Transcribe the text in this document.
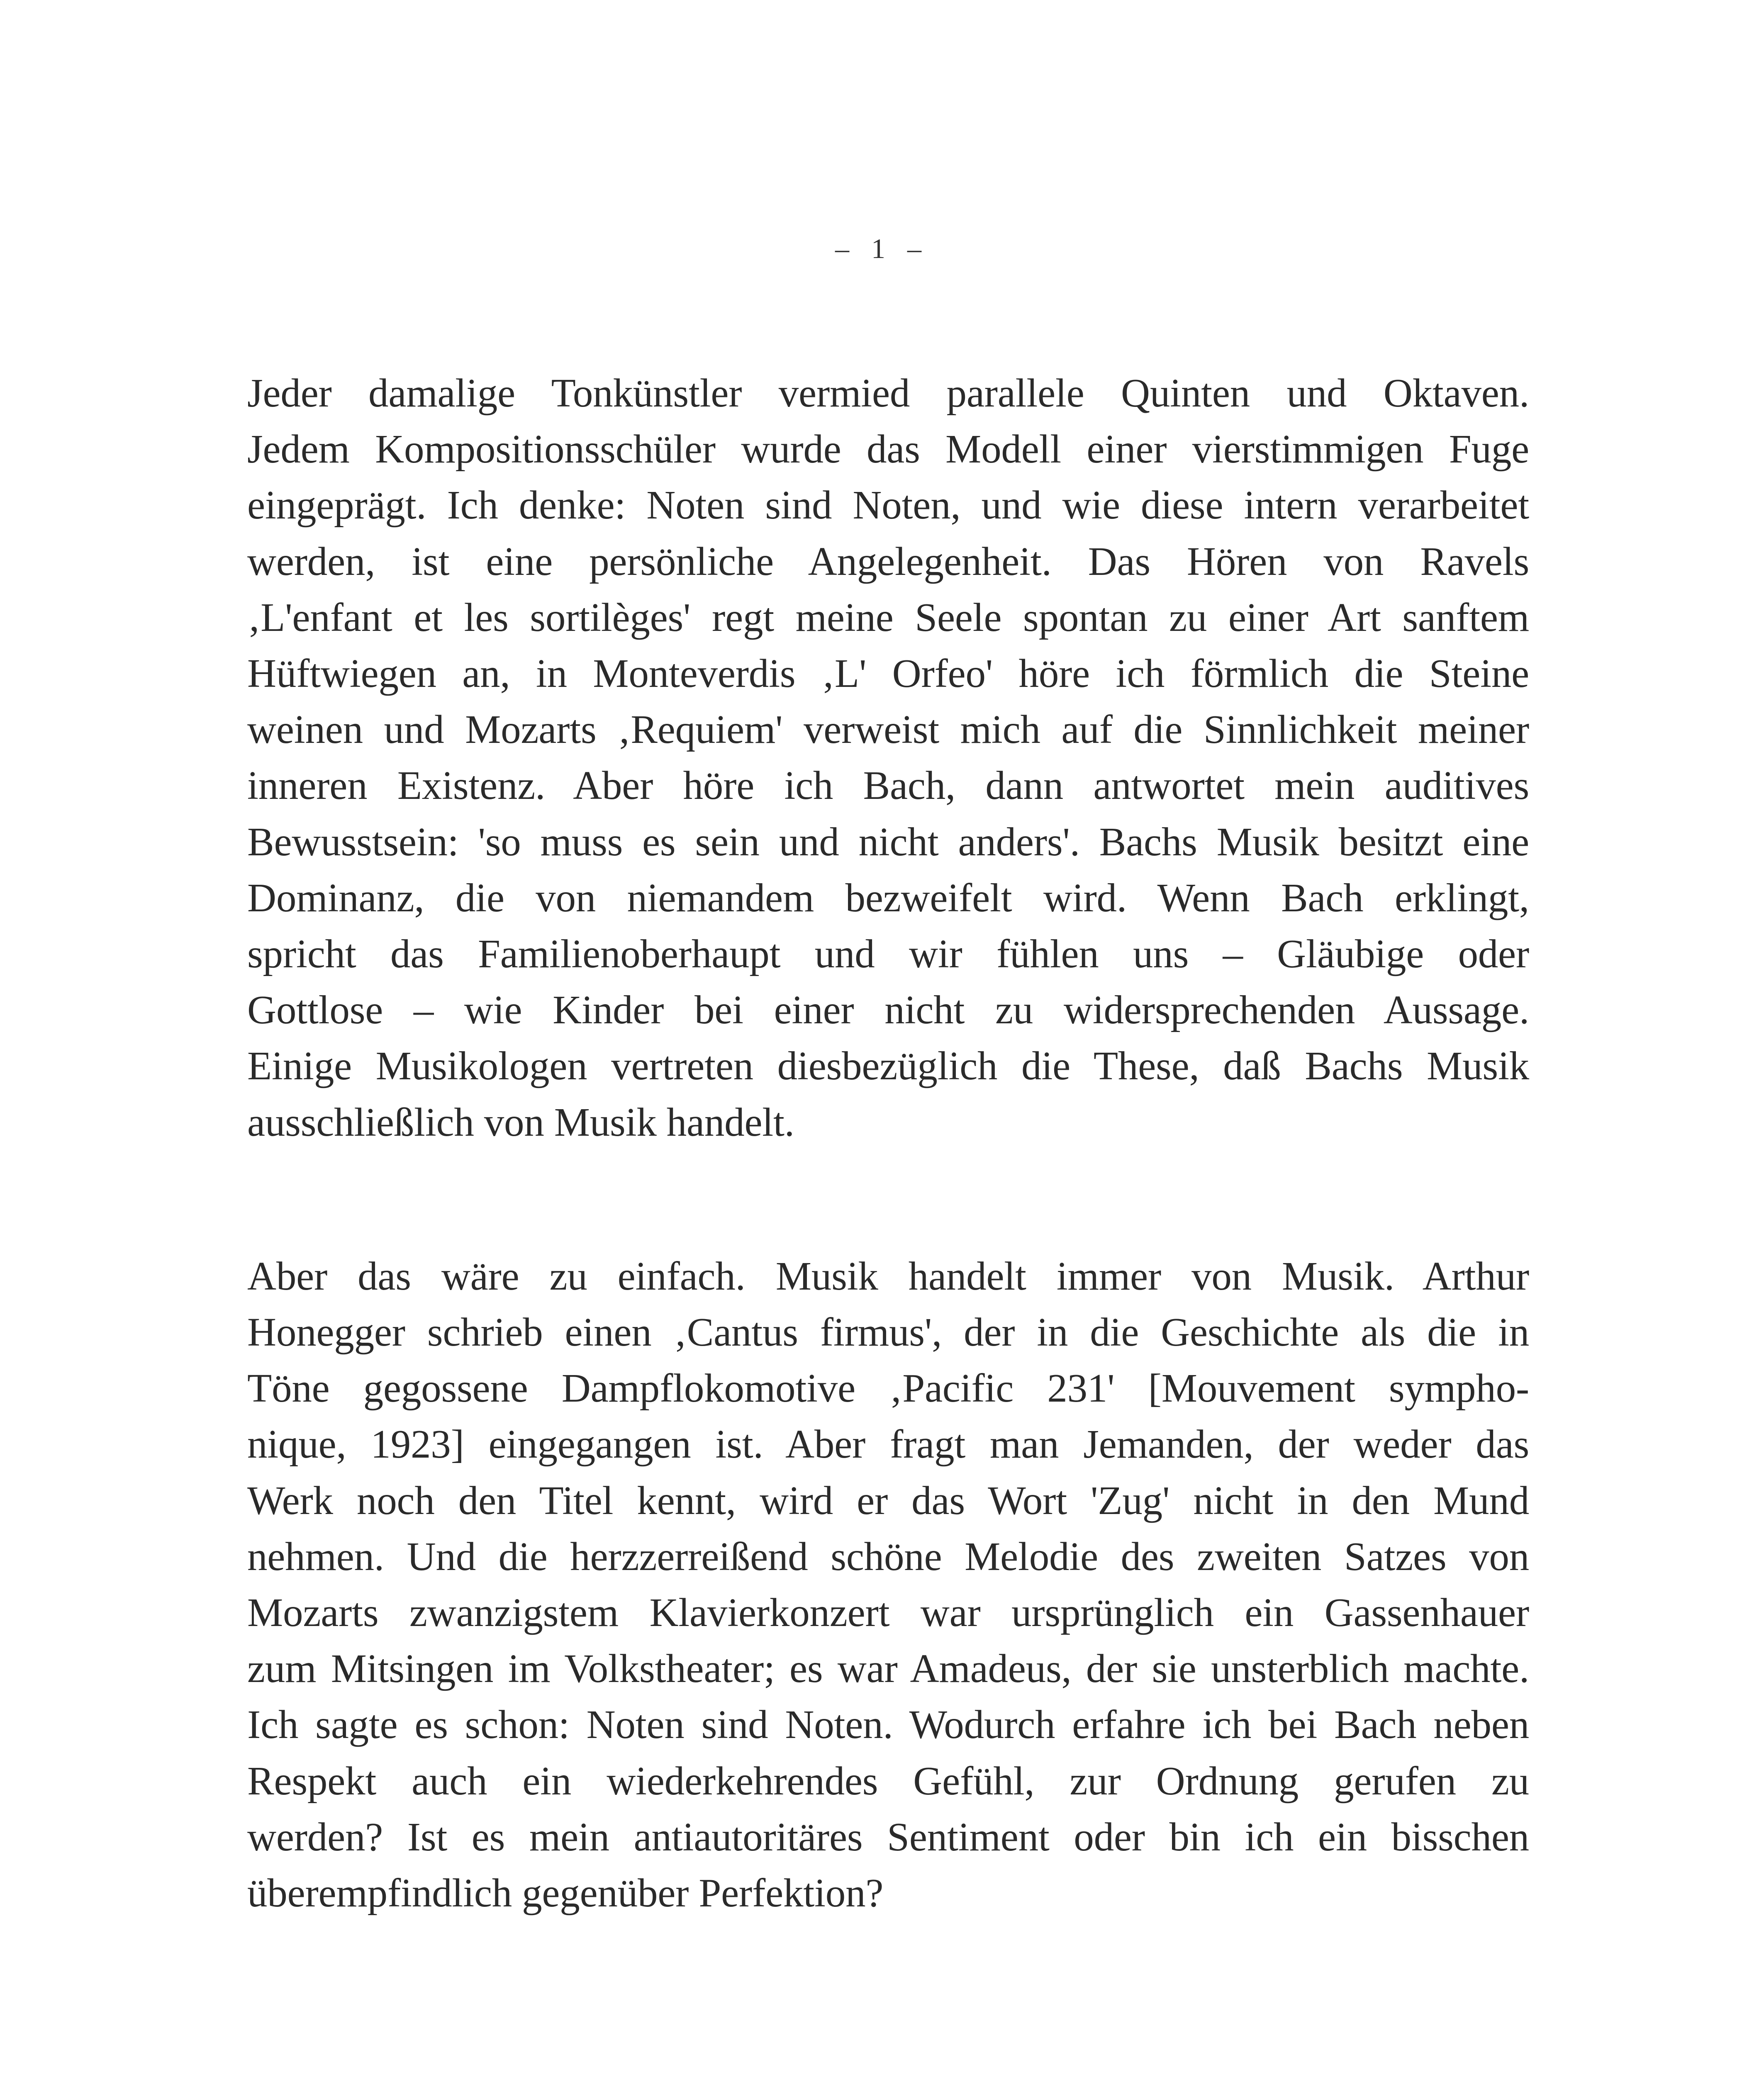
– 1 –
Jeder damalige Tonkünstler vermied parallele Quinten und Oktaven.
Jedem Kompositionsschüler wurde das Modell einer vierstimmigen Fuge
eingeprägt. Ich denke: Noten sind Noten, und wie diese intern verarbeitet
werden, ist eine persönliche Angelegenheit. Das Hören von Ravels
‚L'enfant et les sortilèges' regt meine Seele spontan zu einer Art sanftem
Hüftwiegen an, in Monteverdis ‚L' Orfeo' höre ich förmlich die Steine
weinen und Mozarts ‚Requiem' verweist mich auf die Sinnlichkeit meiner
inneren Existenz. Aber höre ich Bach, dann antwortet mein auditives
Bewusstsein: 'so muss es sein und nicht anders'. Bachs Musik besitzt eine
Dominanz, die von niemandem bezweifelt wird. Wenn Bach erklingt,
spricht das Familienoberhaupt und wir fühlen uns – Gläubige oder
Gottlose – wie Kinder bei einer nicht zu widersprechenden Aussage.
Einige Musikologen vertreten diesbezüglich die These, daß Bachs Musik
ausschließlich von Musik handelt.
Aber das wäre zu einfach. Musik handelt immer von Musik. Arthur
Honegger schrieb einen ‚Cantus firmus', der in die Geschichte als die in
Töne gegossene Dampflokomotive ‚Pacific 231' [Mouvement sympho-
nique, 1923] eingegangen ist. Aber fragt man Jemanden, der weder das
Werk noch den Titel kennt, wird er das Wort 'Zug' nicht in den Mund
nehmen. Und die herzzerreißend schöne Melodie des zweiten Satzes von
Mozarts zwanzigstem Klavierkonzert war ursprünglich ein Gassenhauer
zum Mitsingen im Volkstheater; es war Amadeus, der sie unsterblich machte.
Ich sagte es schon: Noten sind Noten. Wodurch erfahre ich bei Bach neben
Respekt auch ein wiederkehrendes Gefühl, zur Ordnung gerufen zu
werden? Ist es mein antiautoritäres Sentiment oder bin ich ein bisschen
überempfindlich gegenüber Perfektion?
